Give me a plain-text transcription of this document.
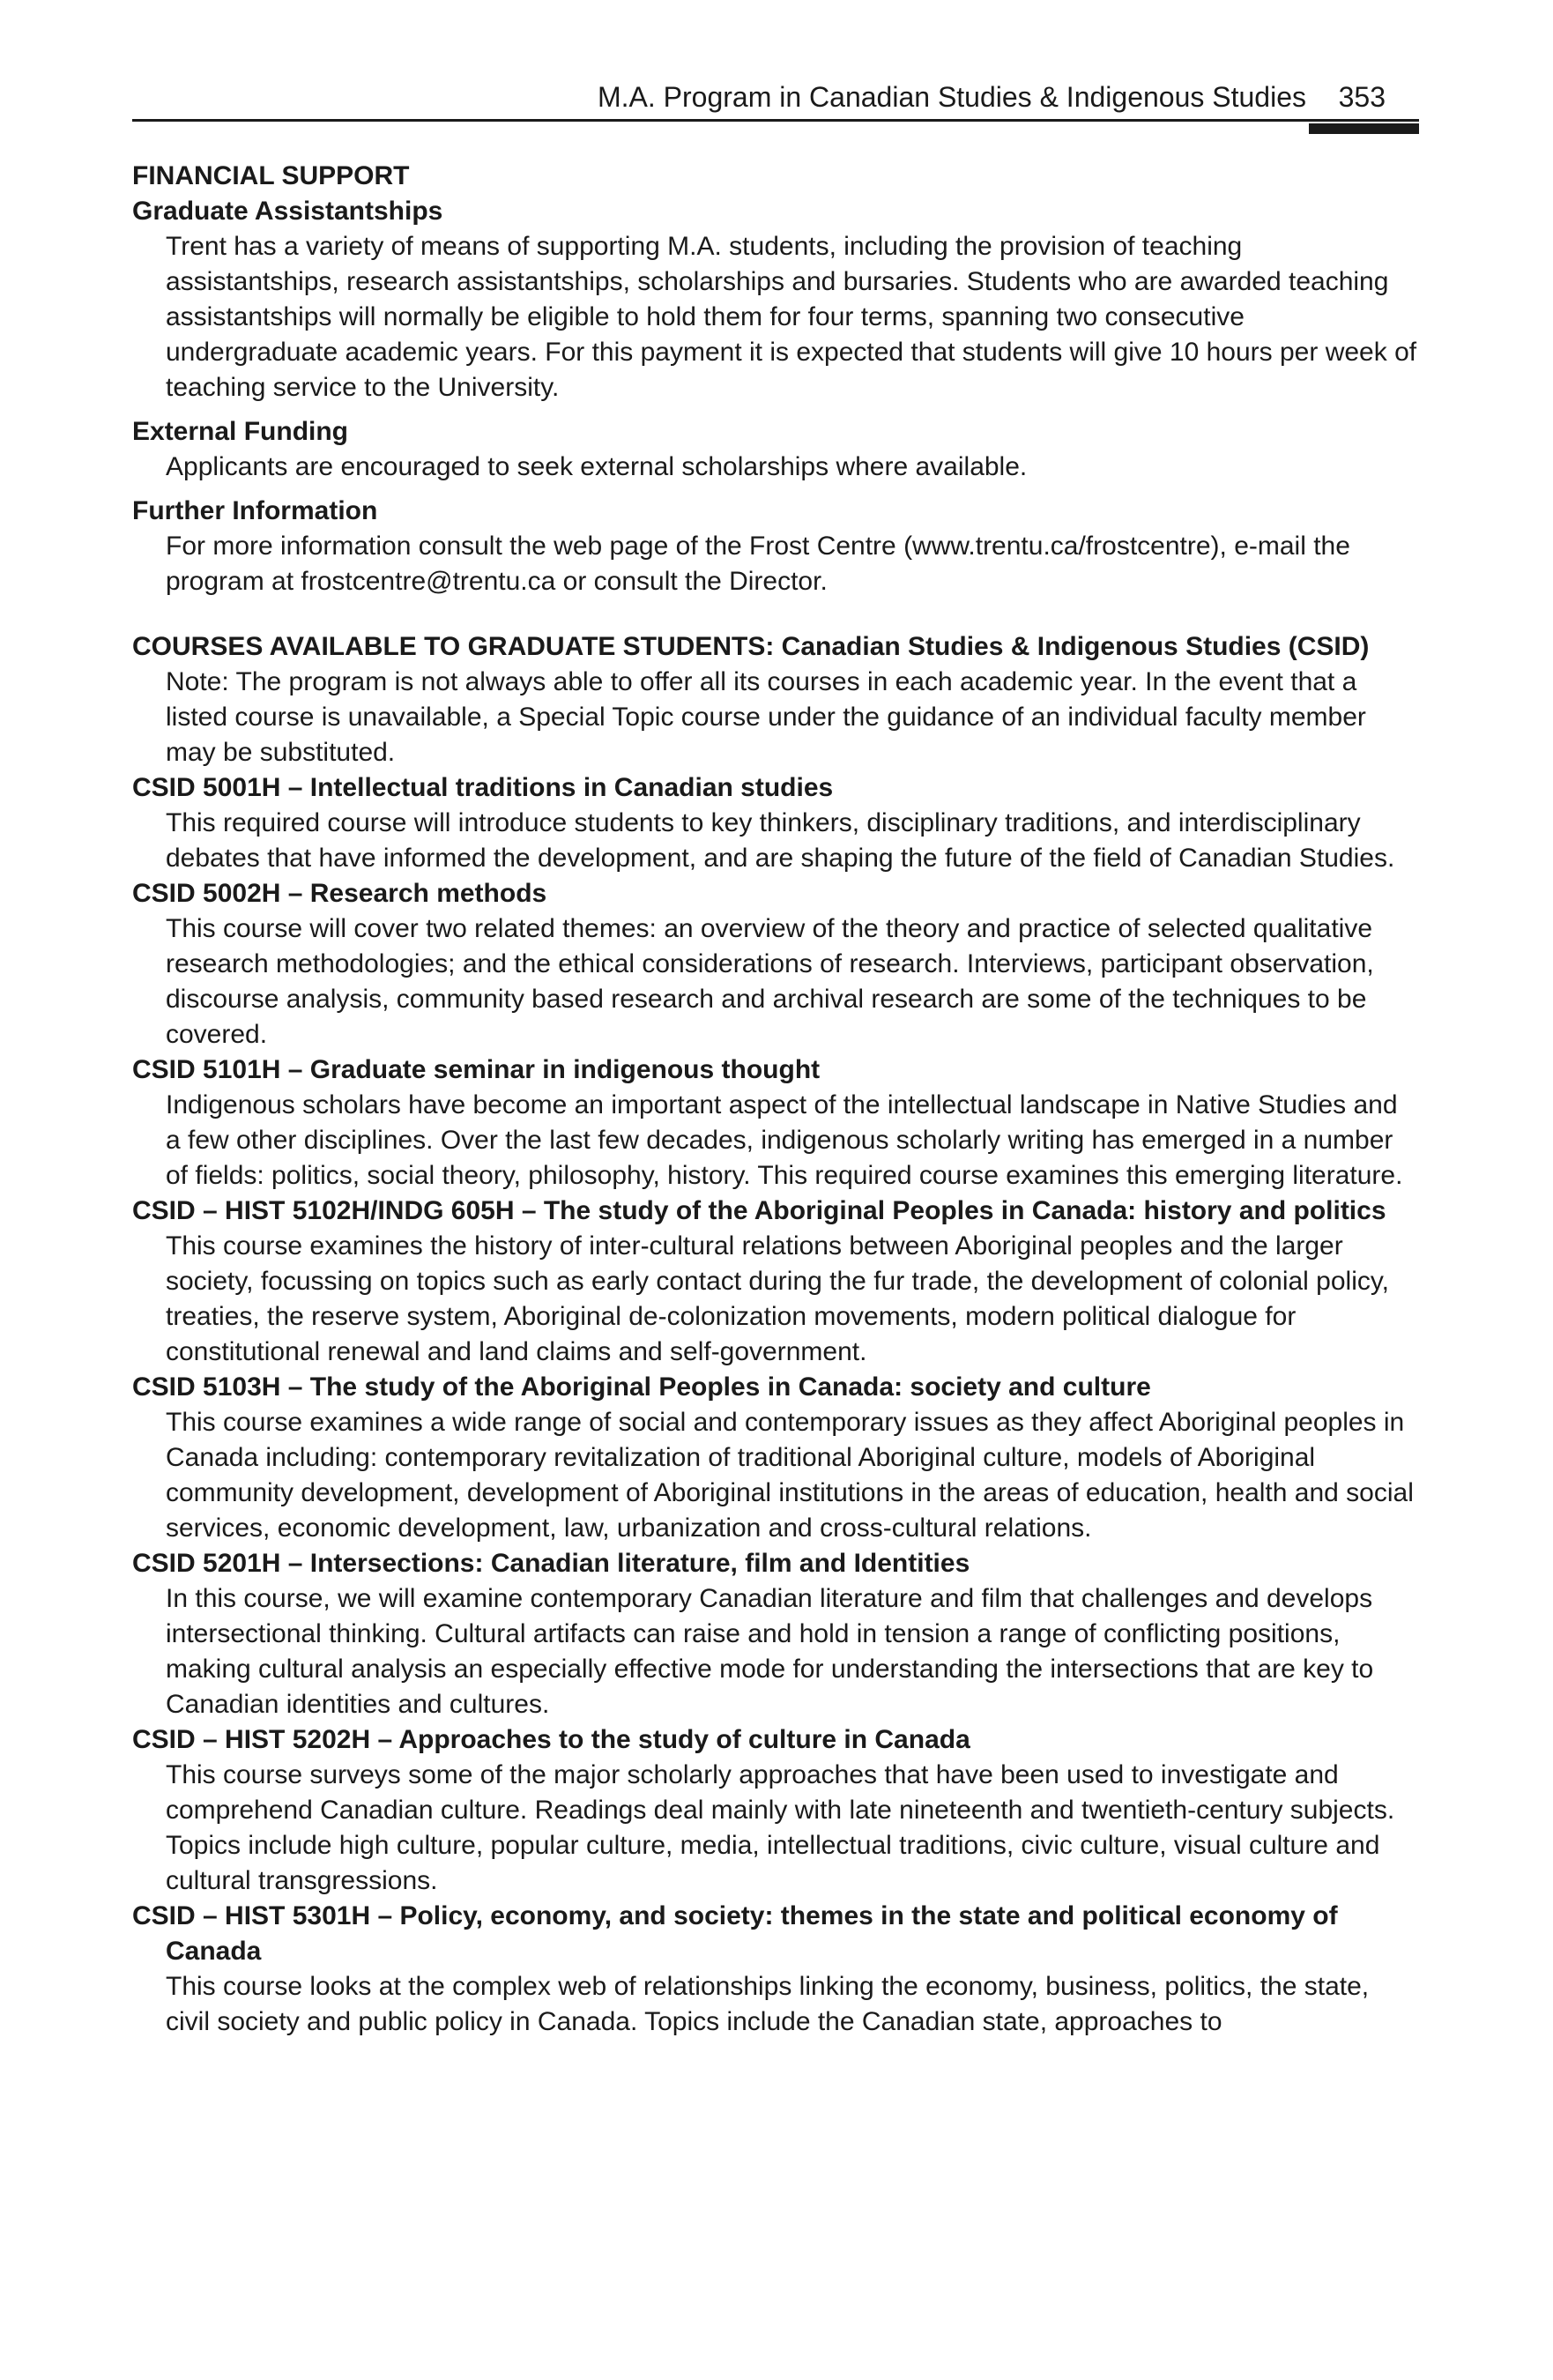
M.A. Program in Canadian Studies & Indigenous Studies 353

FINANCIAL SUPPORT

Graduate Assistantships

Trent has a variety of means of supporting M.A. students, including the provision of teaching assistantships, research assistantships, scholarships and bursaries. Students who are awarded teaching assistantships will normally be eligible to hold them for four terms, spanning two consecutive undergraduate academic years. For this payment it is expected that students will give 10 hours per week of teaching service to the University.

External Funding

Applicants are encouraged to seek external scholarships where available.

Further Information

For more information consult the web page of the Frost Centre (www.trentu.ca/frostcentre), e-mail the program at frostcentre@trentu.ca or consult the Director.

COURSES AVAILABLE TO GRADUATE STUDENTS: Canadian Studies & Indigenous Studies (CSID)

Note: The program is not always able to offer all its courses in each academic year. In the event that a listed course is unavailable, a Special Topic course under the guidance of an individual faculty member may be substituted.

CSID 5001H – Intellectual traditions in Canadian studies

This required course will introduce students to key thinkers, disciplinary traditions, and interdisciplinary debates that have informed the development, and are shaping the future of the field of Canadian Studies.

CSID 5002H – Research methods

This course will cover two related themes: an overview of the theory and practice of selected qualitative research methodologies; and the ethical considerations of research. Interviews, participant observation, discourse analysis, community based research and archival research are some of the techniques to be covered.

CSID 5101H – Graduate seminar in indigenous thought

Indigenous scholars have become an important aspect of the intellectual landscape in Native Studies and a few other disciplines. Over the last few decades, indigenous scholarly writing has emerged in a number of fields: politics, social theory, philosophy, history. This required course examines this emerging literature.

CSID – HIST 5102H/INDG 605H – The study of the Aboriginal Peoples in Canada: history and politics

This course examines the history of inter-cultural relations between Aboriginal peoples and the larger society, focussing on topics such as early contact during the fur trade, the development of colonial policy, treaties, the reserve system, Aboriginal de-colonization movements, modern political dialogue for constitutional renewal and land claims and self-government.

CSID 5103H – The study of the Aboriginal Peoples in Canada: society and culture

This course examines a wide range of social and contemporary issues as they affect Aboriginal peoples in Canada including: contemporary revitalization of traditional Aboriginal culture, models of Aboriginal community development, development of Aboriginal institutions in the areas of education, health and social services, economic development, law, urbanization and cross-cultural relations.

CSID 5201H – Intersections: Canadian literature, film and Identities

In this course, we will examine contemporary Canadian literature and film that challenges and develops intersectional thinking. Cultural artifacts can raise and hold in tension a range of conflicting positions, making cultural analysis an especially effective mode for understanding the intersections that are key to Canadian identities and cultures.

CSID – HIST 5202H – Approaches to the study of culture in Canada

This course surveys some of the major scholarly approaches that have been used to investigate and comprehend Canadian culture. Readings deal mainly with late nineteenth and twentieth-century subjects. Topics include high culture, popular culture, media, intellectual traditions, civic culture, visual culture and cultural transgressions.

CSID – HIST 5301H – Policy, economy, and society: themes in the state and political economy of Canada

This course looks at the complex web of relationships linking the economy, business, politics, the state, civil society and public policy in Canada. Topics include the Canadian state, approaches to
